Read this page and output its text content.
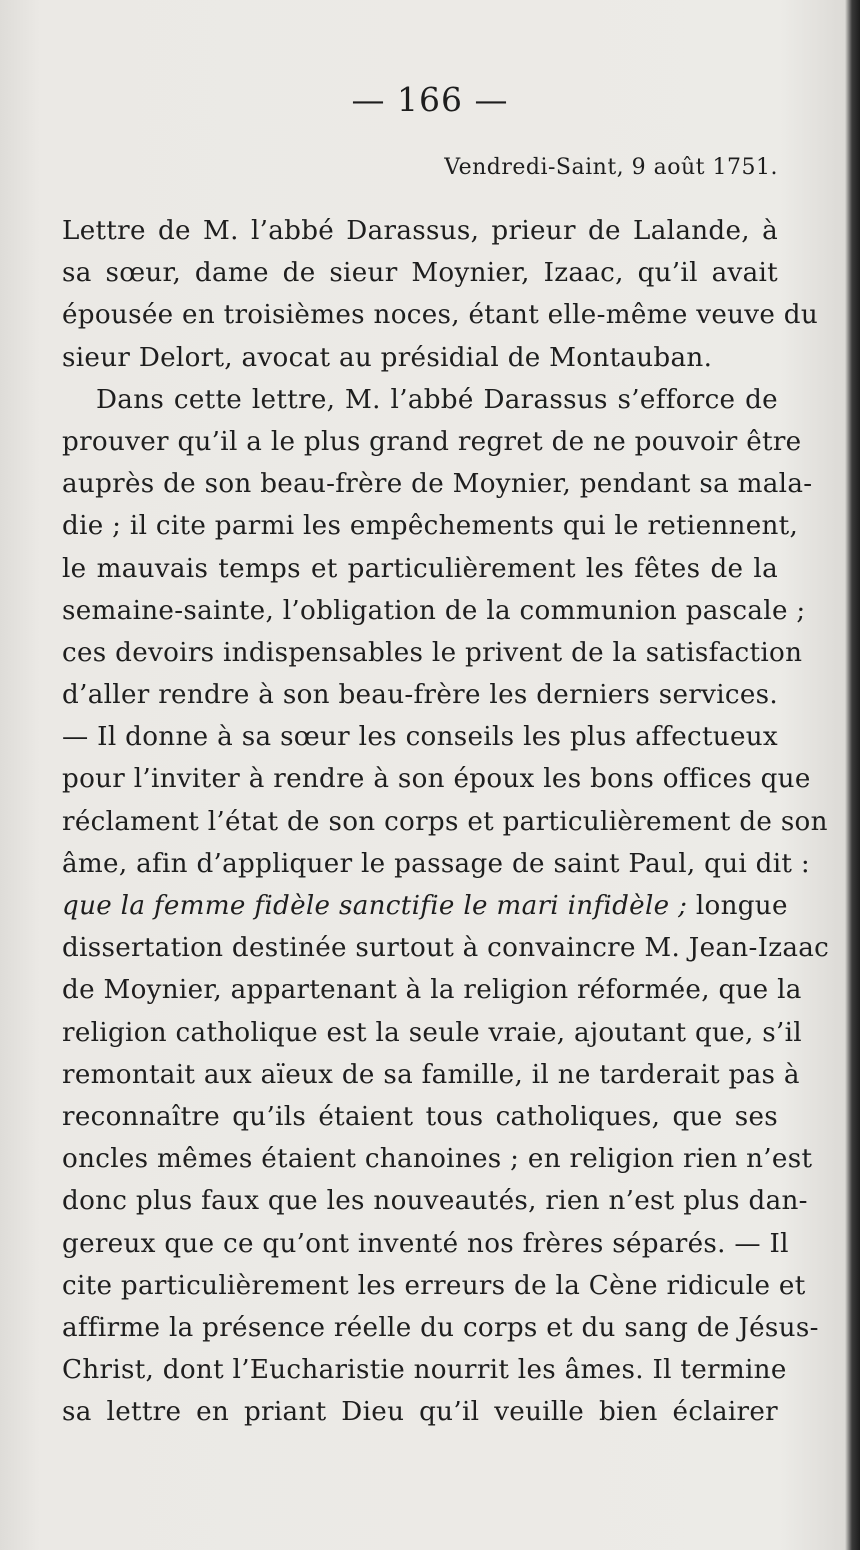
— 166 —
Vendredi-Saint, 9 août 1751.
Lettre de M. l’abbé Darassus, prieur de Lalande, à
sa sœur, dame de sieur Moynier, Izaac, qu’il avait
épousée en troisièmes noces, étant elle-même veuve du
sieur Delort, avocat au présidial de Montauban.
Dans cette lettre, M. l’abbé Darassus s’efforce de
prouver qu’il a le plus grand regret de ne pouvoir être
auprès de son beau-frère de Moynier, pendant sa mala-
die ; il cite parmi les empêchements qui le retiennent,
le mauvais temps et particulièrement les fêtes de la
semaine-sainte, l’obligation de la communion pascale ;
ces devoirs indispensables le privent de la satisfaction
d’aller rendre à son beau-frère les derniers services.
— Il donne à sa sœur les conseils les plus affectueux
pour l’inviter à rendre à son époux les bons offices que
réclament l’état de son corps et particulièrement de son
âme, afin d’appliquer le passage de saint Paul, qui dit :
que la femme fidèle sanctifie le mari infidèle ; longue
dissertation destinée surtout à convaincre M. Jean-Izaac
de Moynier, appartenant à la religion réformée, que la
religion catholique est la seule vraie, ajoutant que, s’il
remontait aux aïeux de sa famille, il ne tarderait pas à
reconnaître qu’ils étaient tous catholiques, que ses
oncles mêmes étaient chanoines ; en religion rien n’est
donc plus faux que les nouveautés, rien n’est plus dan-
gereux que ce qu’ont inventé nos frères séparés. — Il
cite particulièrement les erreurs de la Cène ridicule et
affirme la présence réelle du corps et du sang de Jésus-
Christ, dont l’Eucharistie nourrit les âmes. Il termine
sa lettre en priant Dieu qu’il veuille bien éclairer
